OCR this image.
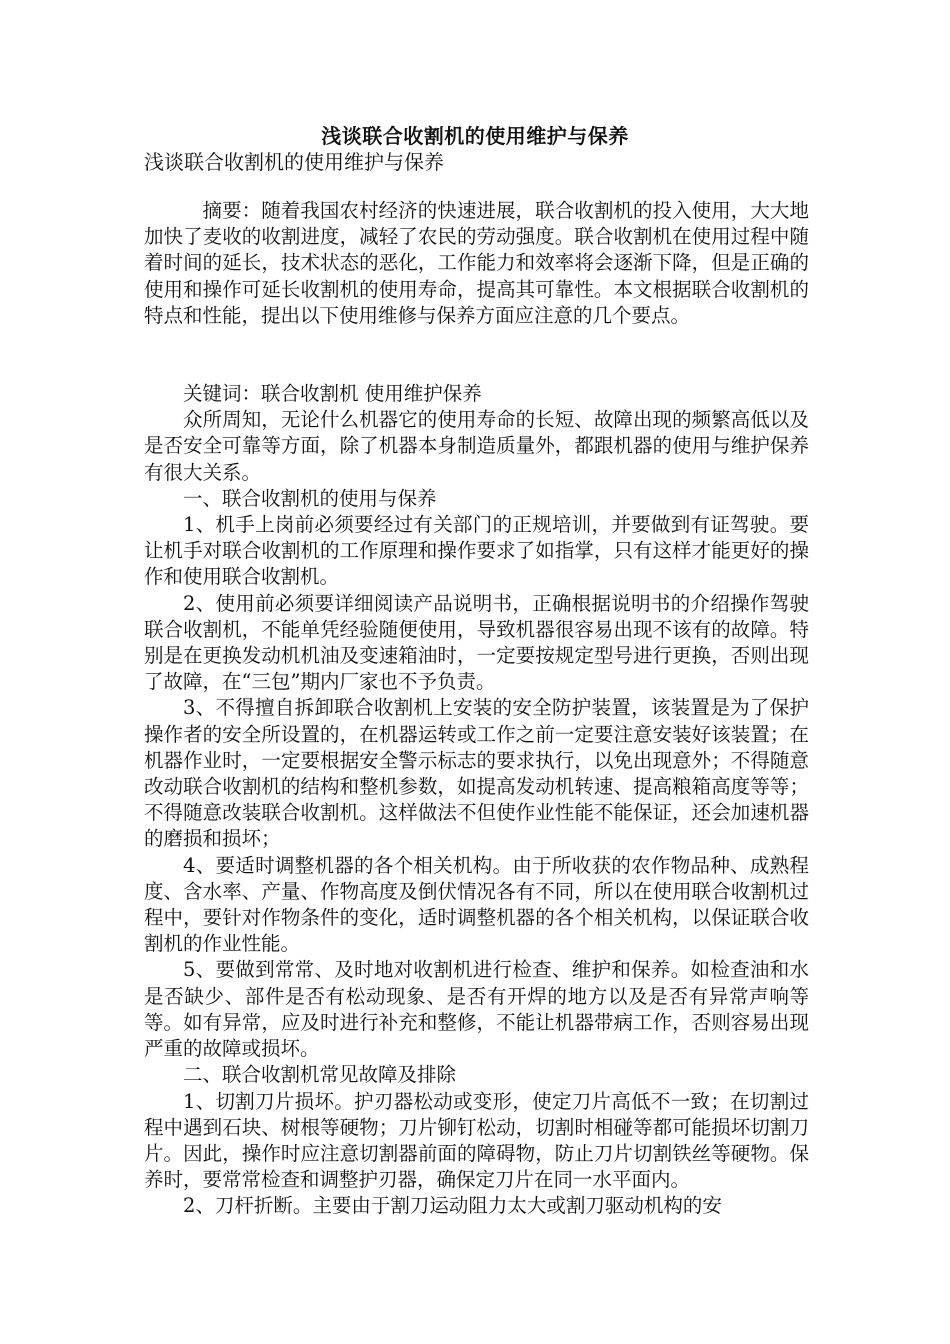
浅谈联合收割机的使用维护与保养
浅谈联合收割机的使用维护与保养

摘要：随着我国农村经济的快速进展，联合收割机的投入使用，大大地加快了麦收的收割进度，减轻了农民的劳动强度。联合收割机在使用过程中随着时间的延长，技术状态的恶化，工作能力和效率将会逐渐下降，但是正确的使用和操作可延长收割机的使用寿命，提高其可靠性。本文根据联合收割机的特点和性能，提出以下使用维修与保养方面应注意的几个要点。

关键词：联合收割机 使用维护保养

众所周知，无论什么机器它的使用寿命的长短、故障出现的频繁高低以及是否安全可靠等方面，除了机器本身制造质量外，都跟机器的使用与维护保养有很大关系。

一、联合收割机的使用与保养

1、机手上岗前必须要经过有关部门的正规培训，并要做到有证驾驶。要让机手对联合收割机的工作原理和操作要求了如指掌，只有这样才能更好的操作和使用联合收割机。

2、使用前必须要详细阅读产品说明书，正确根据说明书的介绍操作驾驶联合收割机，不能单凭经验随便使用，导致机器很容易出现不该有的故障。特别是在更换发动机机油及变速箱油时，一定要按规定型号进行更换，否则出现了故障，在“三包”期内厂家也不予负责。

3、不得擅自拆卸联合收割机上安装的安全防护装置，该装置是为了保护操作者的安全所设置的，在机器运转或工作之前一定要注意安装好该装置；在机器作业时，一定要根据安全警示标志的要求执行，以免出现意外；不得随意改动联合收割机的结构和整机参数，如提高发动机转速、提高粮箱高度等等；不得随意改装联合收割机。这样做法不但使作业性能不能保证，还会加速机器的磨损和损坏；

4、要适时调整机器的各个相关机构。由于所收获的农作物品种、成熟程度、含水率、产量、作物高度及倒伏情况各有不同，所以在使用联合收割机过程中，要针对作物条件的变化，适时调整机器的各个相关机构，以保证联合收割机的作业性能。

5、要做到常常、及时地对收割机进行检查、维护和保养。如检查油和水是否缺少、部件是否有松动现象、是否有开焊的地方以及是否有异常声响等等。如有异常，应及时进行补充和整修，不能让机器带病工作，否则容易出现严重的故障或损坏。

二、联合收割机常见故障及排除

1、切割刀片损坏。护刃器松动或变形，使定刀片高低不一致；在切割过程中遇到石块、树根等硬物；刀片铆钉松动，切割时相碰等都可能损坏切割刀片。因此，操作时应注意切割器前面的障碍物，防止刀片切割铁丝等硬物。保养时，要常常检查和调整护刃器，确保定刀片在同一水平面内。

2、刀杆折断。主要由于割刀运动阻力太大或割刀驱动机构的安
